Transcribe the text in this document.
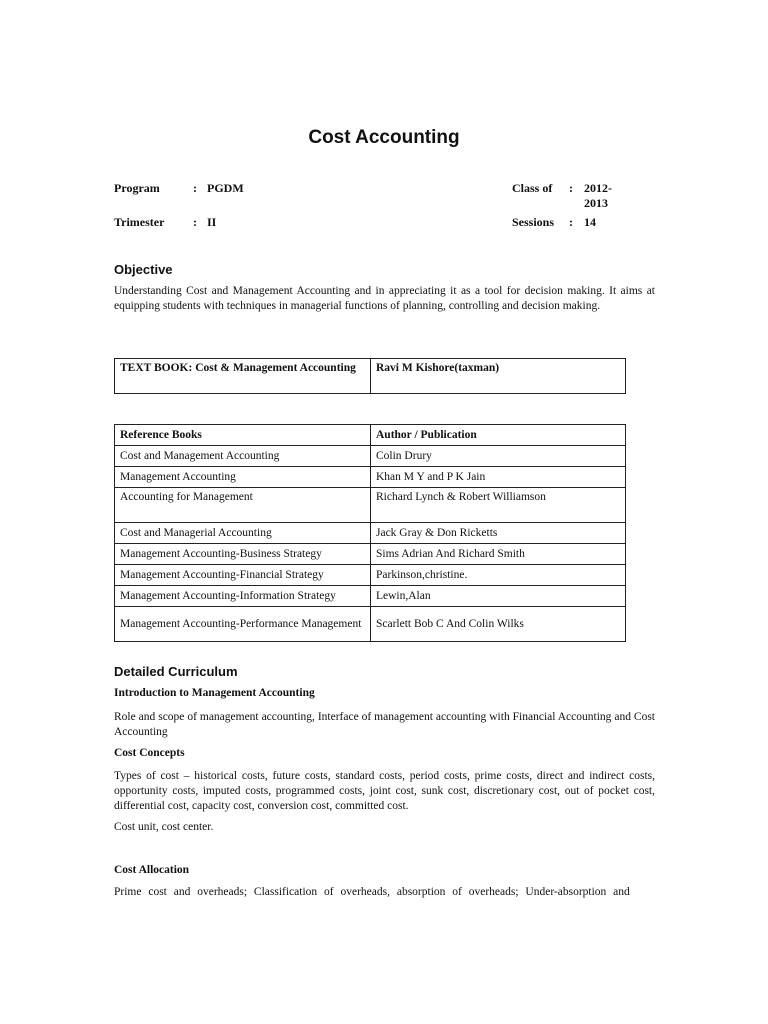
Cost Accounting
Program	: PGDM	Class of : 2012-
2013
Trimester : II	Sessions : 14
Objective
Understanding Cost and Management Accounting and in appreciating it as a tool for decision making. It aims at equipping students with techniques in managerial functions of planning, controlling and decision making.
TEXT BOOK: Cost & Management Accounting	Ravi M Kishore(taxman)
Reference Books	Author / Publication
Cost and Management Accounting	Colin Drury
Management Accounting	Khan M Y and P K Jain
Accounting for Management	Richard Lynch & Robert Williamson
Cost and Managerial Accounting	Jack Gray & Don Ricketts
Management Accounting-Business Strategy	Sims Adrian And Richard Smith
Management Accounting-Financial Strategy	Parkinson,christine.
Management Accounting-Information Strategy	Lewin,Alan
Management Accounting-Performance Management	Scarlett Bob C And Colin Wilks
Detailed Curriculum
Introduction to Management Accounting
Role and scope of management accounting, Interface of management accounting with Financial Accounting and Cost Accounting
Cost Concepts
Types of cost – historical costs, future costs, standard costs, period costs, prime costs, direct and indirect costs, opportunity costs, imputed costs, programmed costs, joint cost, sunk cost, discretionary cost, out of pocket cost, differential cost, capacity cost, conversion cost, committed cost.
Cost unit, cost center.
Cost Allocation
Prime cost and overheads; Classification of overheads, absorption of overheads; Under-absorption and
